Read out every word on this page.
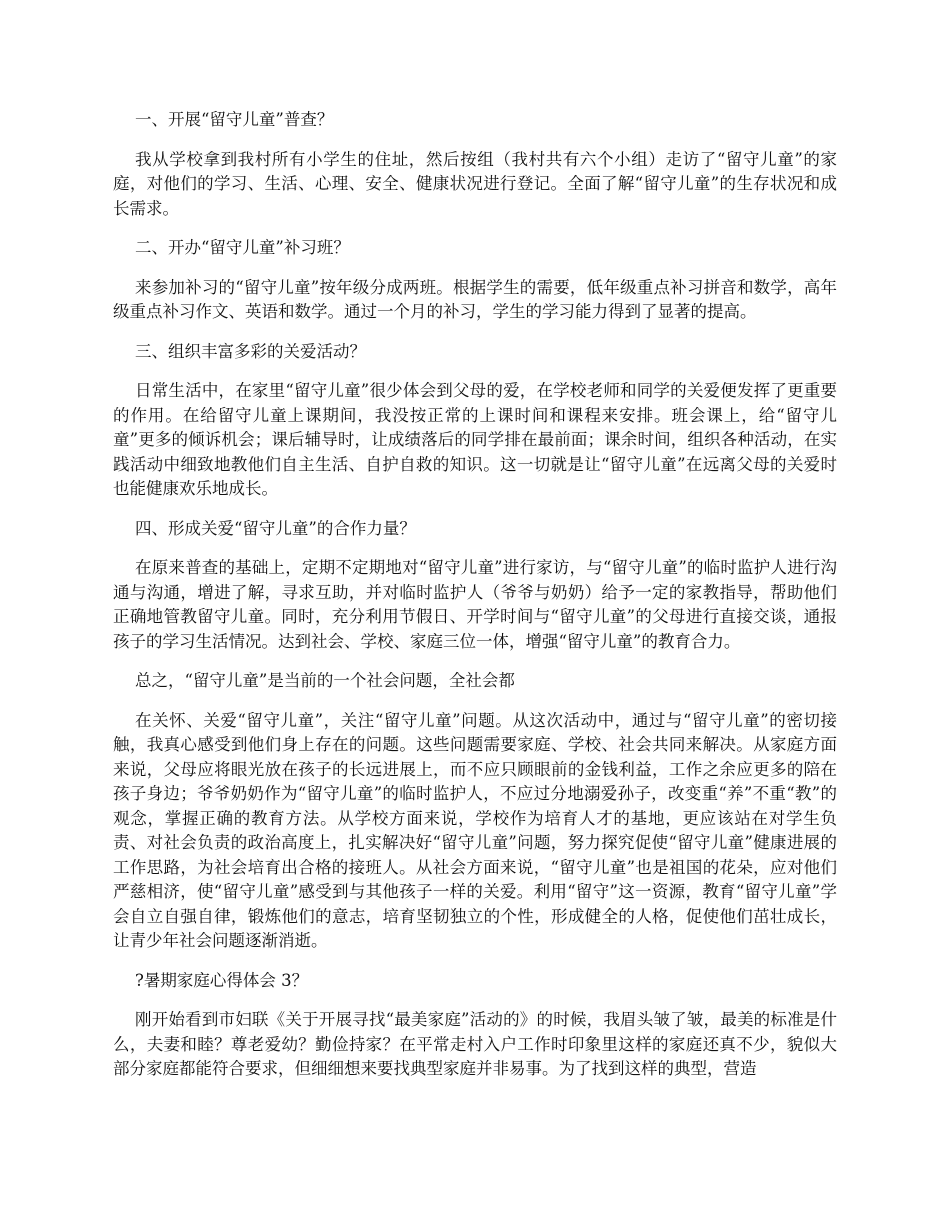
一、开展“留守儿童”普查？

我从学校拿到我村所有小学生的住址，然后按组（我村共有六个小组）走访了“留守儿童”的家庭，对他们的学习、生活、心理、安全、健康状况进行登记。全面了解“留守儿童”的生存状况和成长需求。

二、开办“留守儿童”补习班？

来参加补习的“留守儿童”按年级分成两班。根据学生的需要，低年级重点补习拼音和数学，高年级重点补习作文、英语和数学。通过一个月的补习，学生的学习能力得到了显著的提高。

三、组织丰富多彩的关爱活动？

日常生活中，在家里“留守儿童”很少体会到父母的爱，在学校老师和同学的关爱便发挥了更重要的作用。在给留守儿童上课期间，我没按正常的上课时间和课程来安排。班会课上，给“留守儿童”更多的倾诉机会；课后辅导时，让成绩落后的同学排在最前面；课余时间，组织各种活动，在实践活动中细致地教他们自主生活、自护自救的知识。这一切就是让“留守儿童”在远离父母的关爱时也能健康欢乐地成长。

四、形成关爱“留守儿童”的合作力量？

在原来普查的基础上，定期不定期地对“留守儿童”进行家访，与“留守儿童”的临时监护人进行沟通与沟通，增进了解，寻求互助，并对临时监护人（爷爷与奶奶）给予一定的家教指导，帮助他们正确地管教留守儿童。同时，充分利用节假日、开学时间与“留守儿童”的父母进行直接交谈，通报孩子的学习生活情况。达到社会、学校、家庭三位一体，增强“留守儿童”的教育合力。

总之，“留守儿童”是当前的一个社会问题，全社会都

在关怀、关爱“留守儿童”，关注“留守儿童”问题。从这次活动中，通过与“留守儿童”的密切接触，我真心感受到他们身上存在的问题。这些问题需要家庭、学校、社会共同来解决。从家庭方面来说，父母应将眼光放在孩子的长远进展上，而不应只顾眼前的金钱利益，工作之余应更多的陪在孩子身边；爷爷奶奶作为“留守儿童”的临时监护人，不应过分地溺爱孙子，改变重“养”不重“教”的观念，掌握正确的教育方法。从学校方面来说，学校作为培育人才的基地，更应该站在对学生负责、对社会负责的政治高度上，扎实解决好“留守儿童”问题，努力探究促使“留守儿童”健康进展的工作思路，为社会培育出合格的接班人。从社会方面来说，“留守儿童”也是祖国的花朵，应对他们严慈相济，使“留守儿童”感受到与其他孩子一样的关爱。利用“留守”这一资源，教育“留守儿童”学会自立自强自律，锻炼他们的意志，培育坚韧独立的个性，形成健全的人格，促使他们茁壮成长，让青少年社会问题逐渐消逝。

?暑期家庭心得体会 3？

刚开始看到市妇联《关于开展寻找“最美家庭”活动的》的时候，我眉头皱了皱，最美的标准是什么，夫妻和睦？尊老爱幼？勤俭持家？在平常走村入户工作时印象里这样的家庭还真不少，貌似大部分家庭都能符合要求，但细细想来要找典型家庭并非易事。为了找到这样的典型，营造
